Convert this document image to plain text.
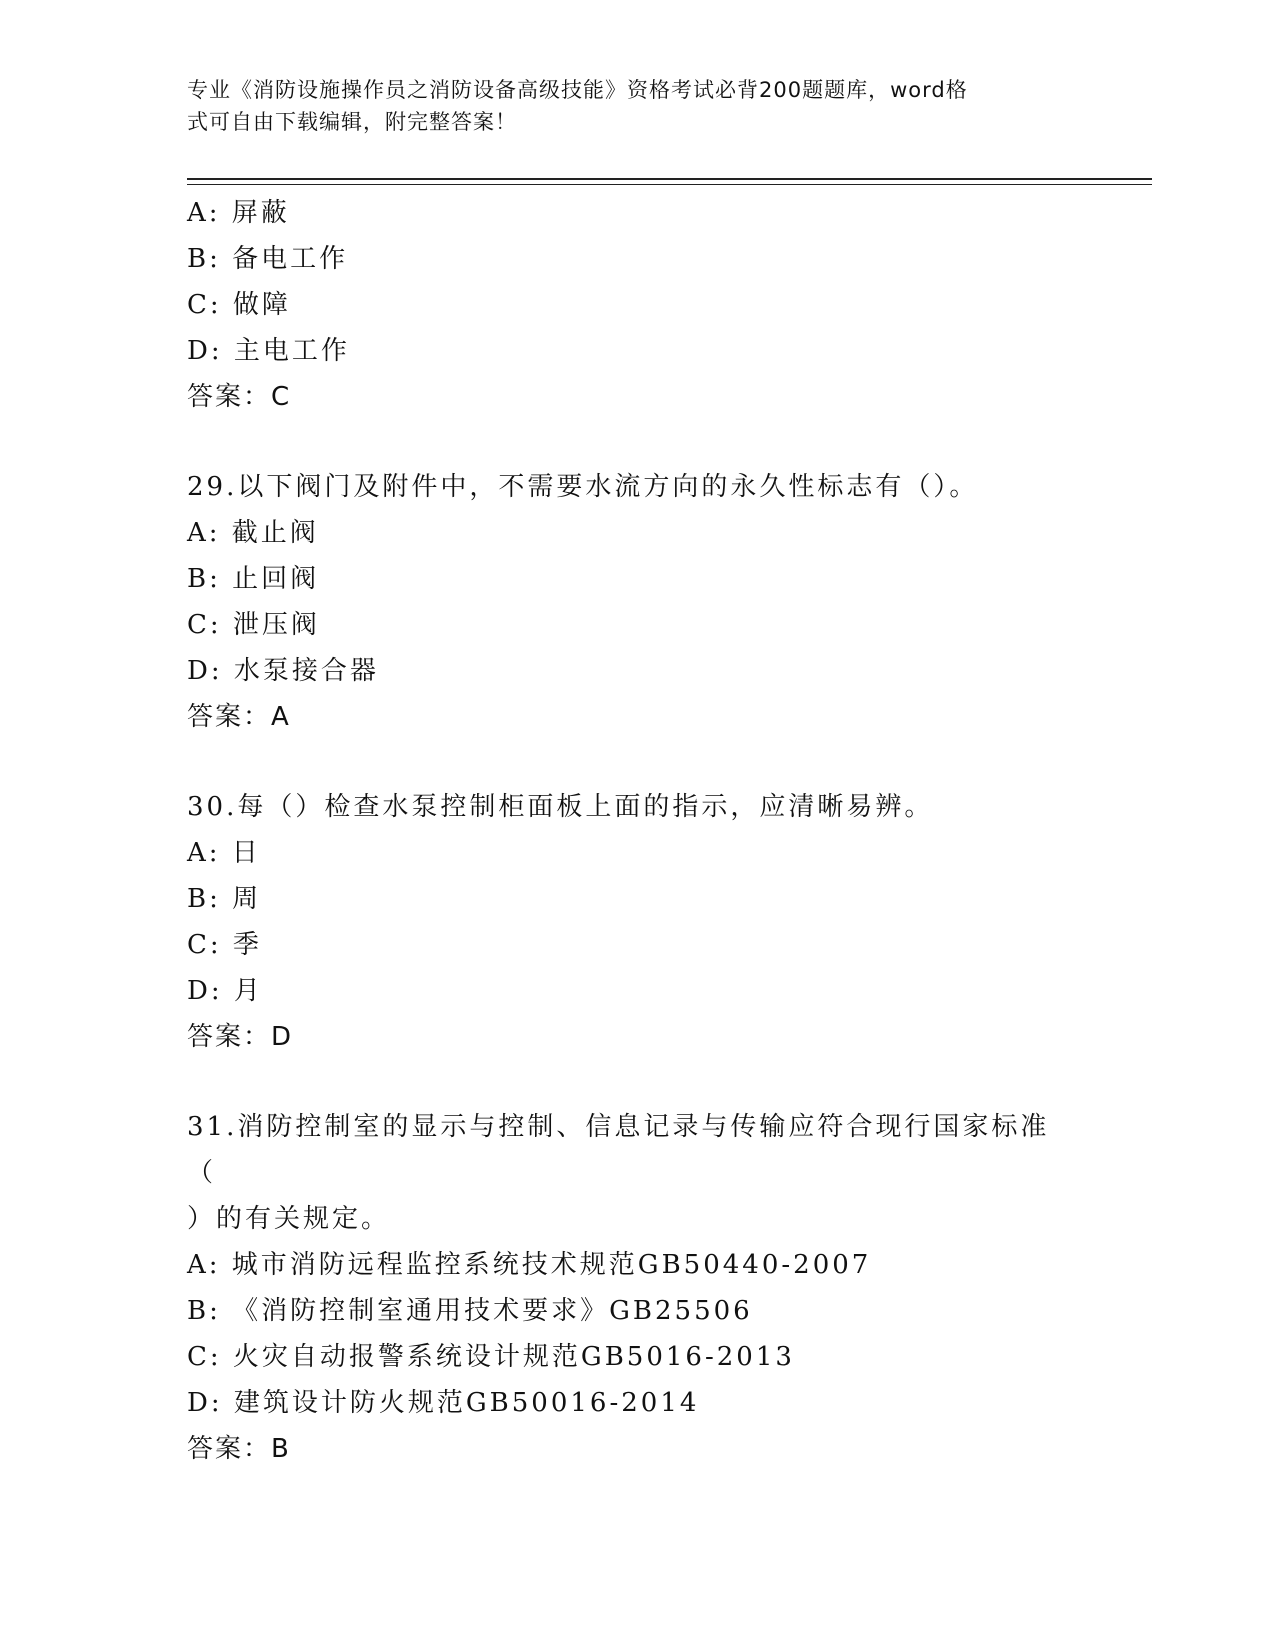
专业《消防设施操作员之消防设备高级技能》资格考试必背200题题库，word格
式可自由下载编辑，附完整答案！
A: 屏蔽
B: 备电工作
C: 做障
D: 主电工作
答案：C
29.以下阀门及附件中，不需要水流方向的永久性标志有（）。
A: 截止阀
B: 止回阀
C: 泄压阀
D: 水泵接合器
答案：A
30.每（）检查水泵控制柜面板上面的指示，应清晰易辨。
A: 日
B: 周
C: 季
D: 月
答案：D
31.消防控制室的显示与控制、信息记录与传输应符合现行国家标准（
）的有关规定。
A: 城市消防远程监控系统技术规范GB50440-2007
B: 《消防控制室通用技术要求》GB25506
C: 火灾自动报警系统设计规范GB5016-2013
D: 建筑设计防火规范GB50016-2014
答案：B
